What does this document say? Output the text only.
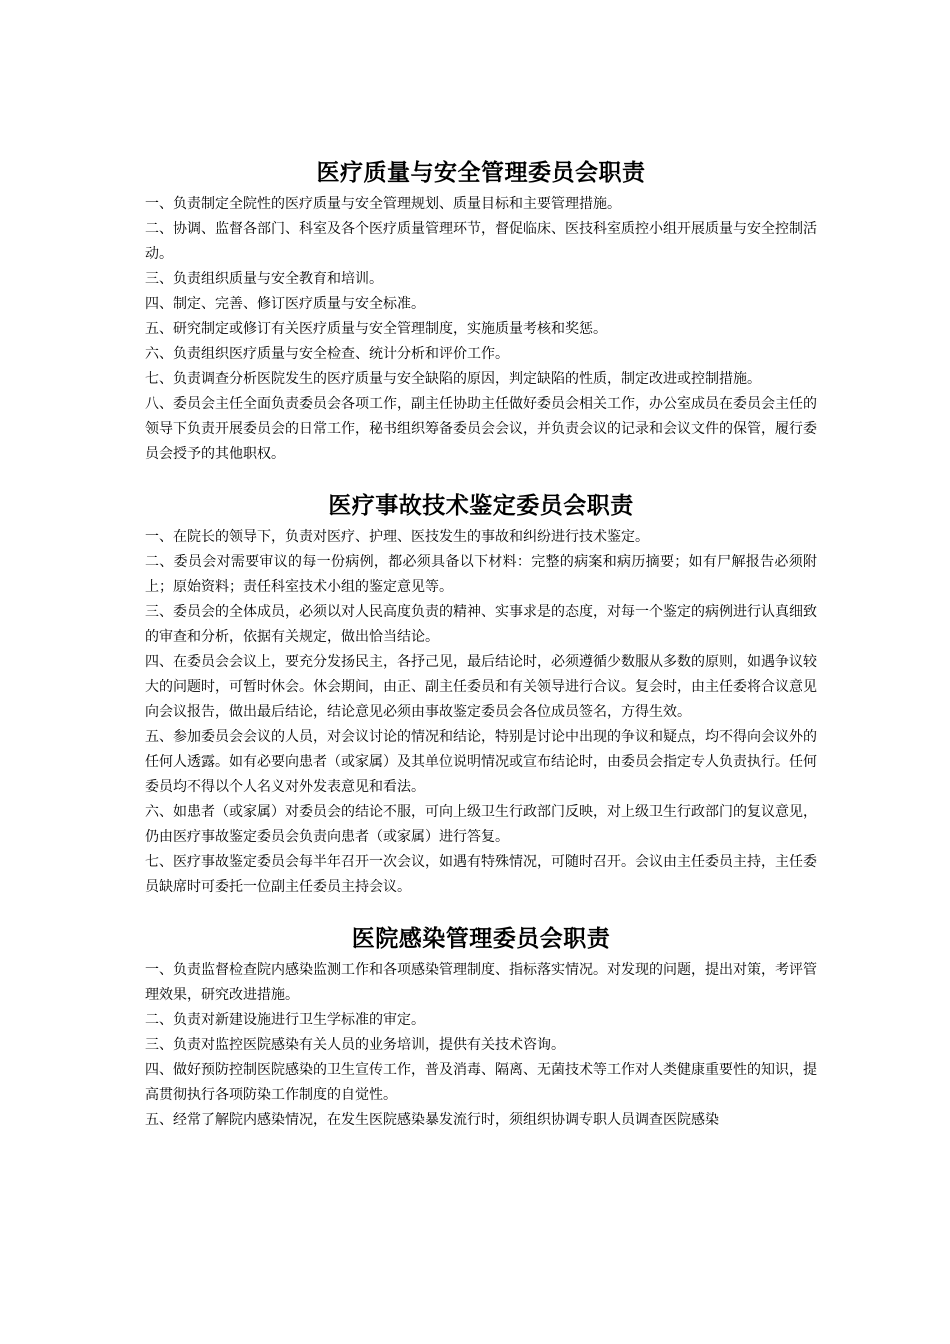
医疗质量与安全管理委员会职责

一、负责制定全院性的医疗质量与安全管理规划、质量目标和主要管理措施。

二、协调、监督各部门、科室及各个医疗质量管理环节，督促临床、医技科室质控小组开展质量与安全控制活动。

三、负责组织质量与安全教育和培训。

四、制定、完善、修订医疗质量与安全标准。

五、研究制定或修订有关医疗质量与安全管理制度，实施质量考核和奖惩。

六、负责组织医疗质量与安全检查、统计分析和评价工作。

七、负责调查分析医院发生的医疗质量与安全缺陷的原因，判定缺陷的性质，制定改进或控制措施。

八、委员会主任全面负责委员会各项工作，副主任协助主任做好委员会相关工作，办公室成员在委员会主任的领导下负责开展委员会的日常工作，秘书组织筹备委员会会议，并负责会议的记录和会议文件的保管，履行委员会授予的其他职权。

医疗事故技术鉴定委员会职责

一、在院长的领导下，负责对医疗、护理、医技发生的事故和纠纷进行技术鉴定。

二、委员会对需要审议的每一份病例，都必须具备以下材料：完整的病案和病历摘要；如有尸解报告必须附上；原始资料；责任科室技术小组的鉴定意见等。

三、委员会的全体成员，必须以对人民高度负责的精神、实事求是的态度，对每一个鉴定的病例进行认真细致的审查和分析，依据有关规定，做出恰当结论。

四、在委员会会议上，要充分发扬民主，各抒己见，最后结论时，必须遵循少数服从多数的原则，如遇争议较大的问题时，可暂时休会。休会期间，由正、副主任委员和有关领导进行合议。复会时，由主任委将合议意见向会议报告，做出最后结论，结论意见必须由事故鉴定委员会各位成员签名，方得生效。

五、参加委员会会议的人员，对会议讨论的情况和结论，特别是讨论中出现的争议和疑点，均不得向会议外的任何人透露。如有必要向患者（或家属）及其单位说明情况或宣布结论时，由委员会指定专人负责执行。任何委员均不得以个人名义对外发表意见和看法。

六、如患者（或家属）对委员会的结论不服，可向上级卫生行政部门反映，对上级卫生行政部门的复议意见，仍由医疗事故鉴定委员会负责向患者（或家属）进行答复。

七、医疗事故鉴定委员会每半年召开一次会议，如遇有特殊情况，可随时召开。会议由主任委员主持，主任委员缺席时可委托一位副主任委员主持会议。

医院感染管理委员会职责

一、负责监督检查院内感染监测工作和各项感染管理制度、指标落实情况。对发现的问题，提出对策，考评管理效果，研究改进措施。

二、负责对新建设施进行卫生学标准的审定。

三、负责对监控医院感染有关人员的业务培训，提供有关技术咨询。

四、做好预防控制医院感染的卫生宣传工作，普及消毒、隔离、无菌技术等工作对人类健康重要性的知识，提高贯彻执行各项防染工作制度的自觉性。

五、经常了解院内感染情况，在发生医院感染暴发流行时，须组织协调专职人员调查医院感染
